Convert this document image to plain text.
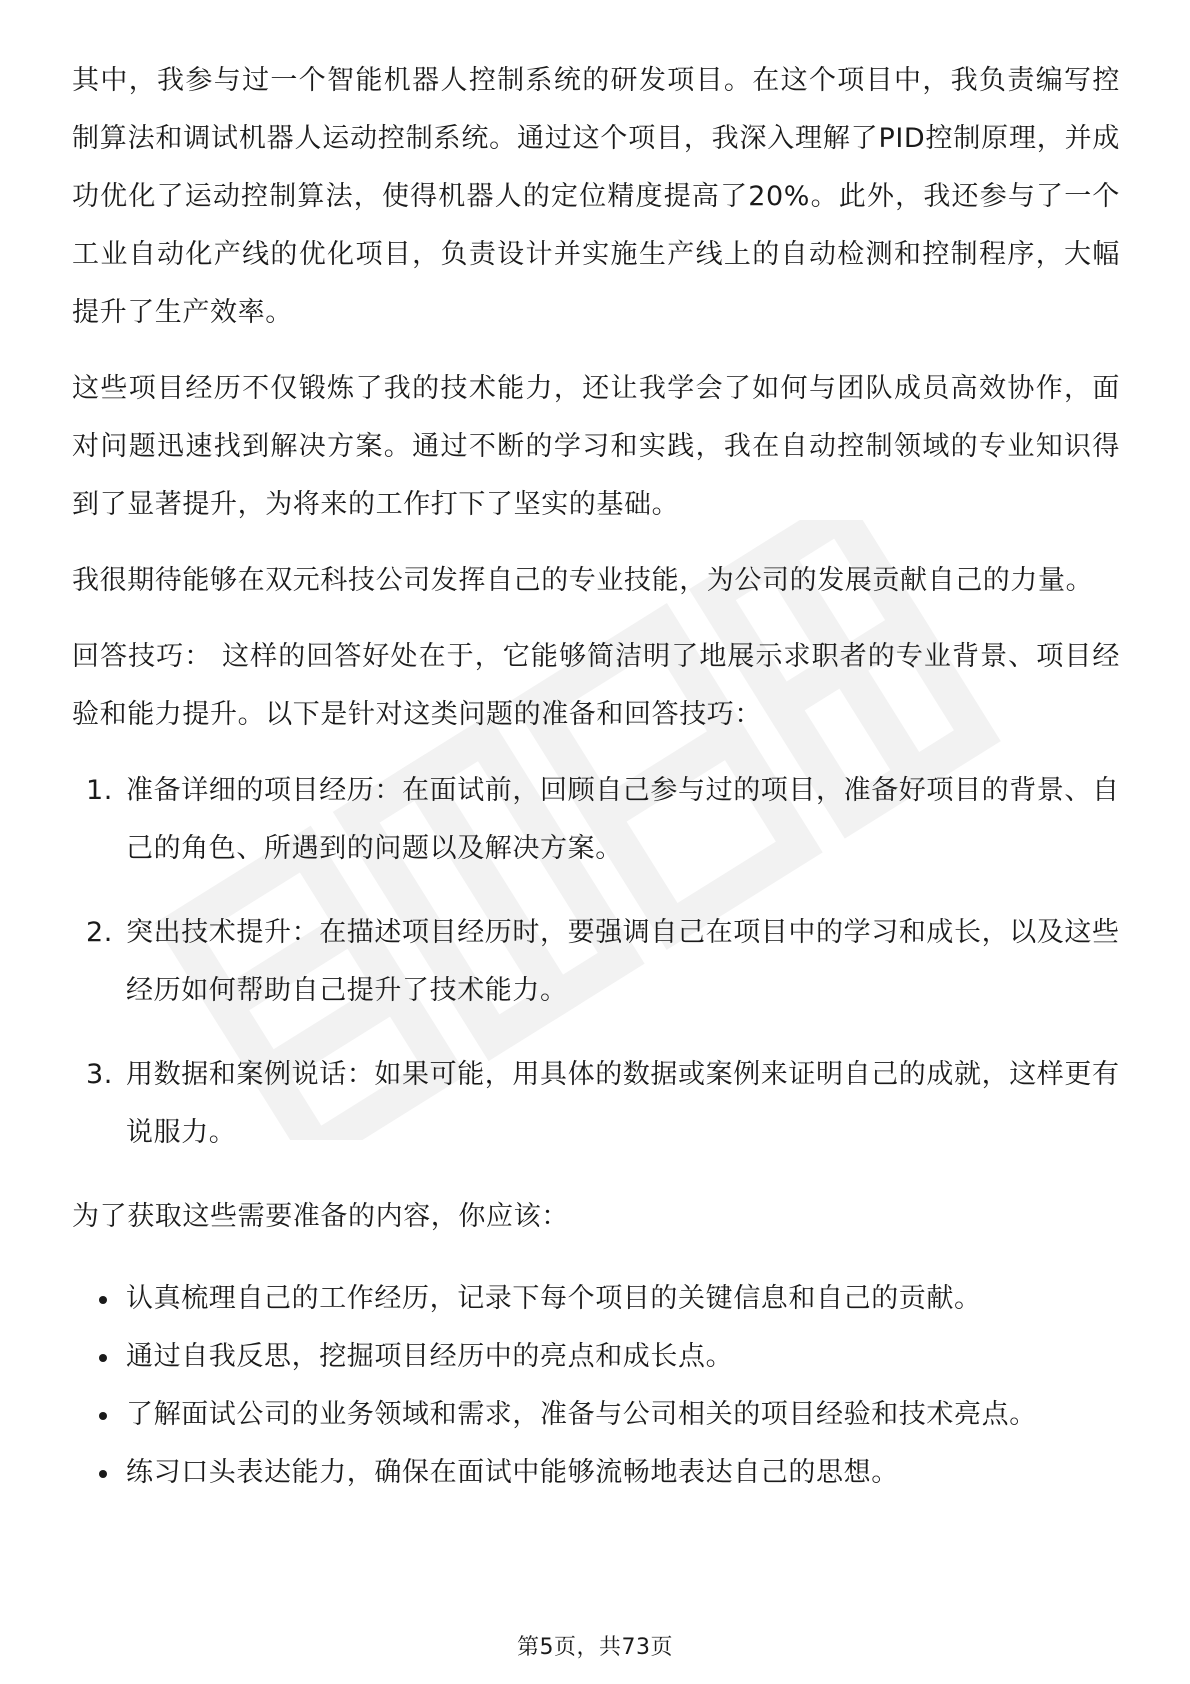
其中，我参与过一个智能机器人控制系统的研发项目。在这个项目中，我负责编写控制算法和调试机器人运动控制系统。通过这个项目，我深入理解了PID控制原理，并成功优化了运动控制算法，使得机器人的定位精度提高了20%。此外，我还参与了一个工业自动化产线的优化项目，负责设计并实施生产线上的自动检测和控制程序，大幅提升了生产效率。

这些项目经历不仅锻炼了我的技术能力，还让我学会了如何与团队成员高效协作，面对问题迅速找到解决方案。通过不断的学习和实践，我在自动控制领域的专业知识得到了显著提升，为将来的工作打下了坚实的基础。

我很期待能够在双元科技公司发挥自己的专业技能，为公司的发展贡献自己的力量。

回答技巧： 这样的回答好处在于，它能够简洁明了地展示求职者的专业背景、项目经验和能力提升。以下是针对这类问题的准备和回答技巧：

1. 准备详细的项目经历：在面试前，回顾自己参与过的项目，准备好项目的背景、自己的角色、所遇到的问题以及解决方案。
2. 突出技术提升：在描述项目经历时，要强调自己在项目中的学习和成长，以及这些经历如何帮助自己提升了技术能力。
3. 用数据和案例说话：如果可能，用具体的数据或案例来证明自己的成就，这样更有说服力。

为了获取这些需要准备的内容，你应该：

认真梳理自己的工作经历，记录下每个项目的关键信息和自己的贡献。
通过自我反思，挖掘项目经历中的亮点和成长点。
了解面试公司的业务领域和需求，准备与公司相关的项目经验和技术亮点。
练习口头表达能力，确保在面试中能够流畅地表达自己的思想。
第5页，共73页
